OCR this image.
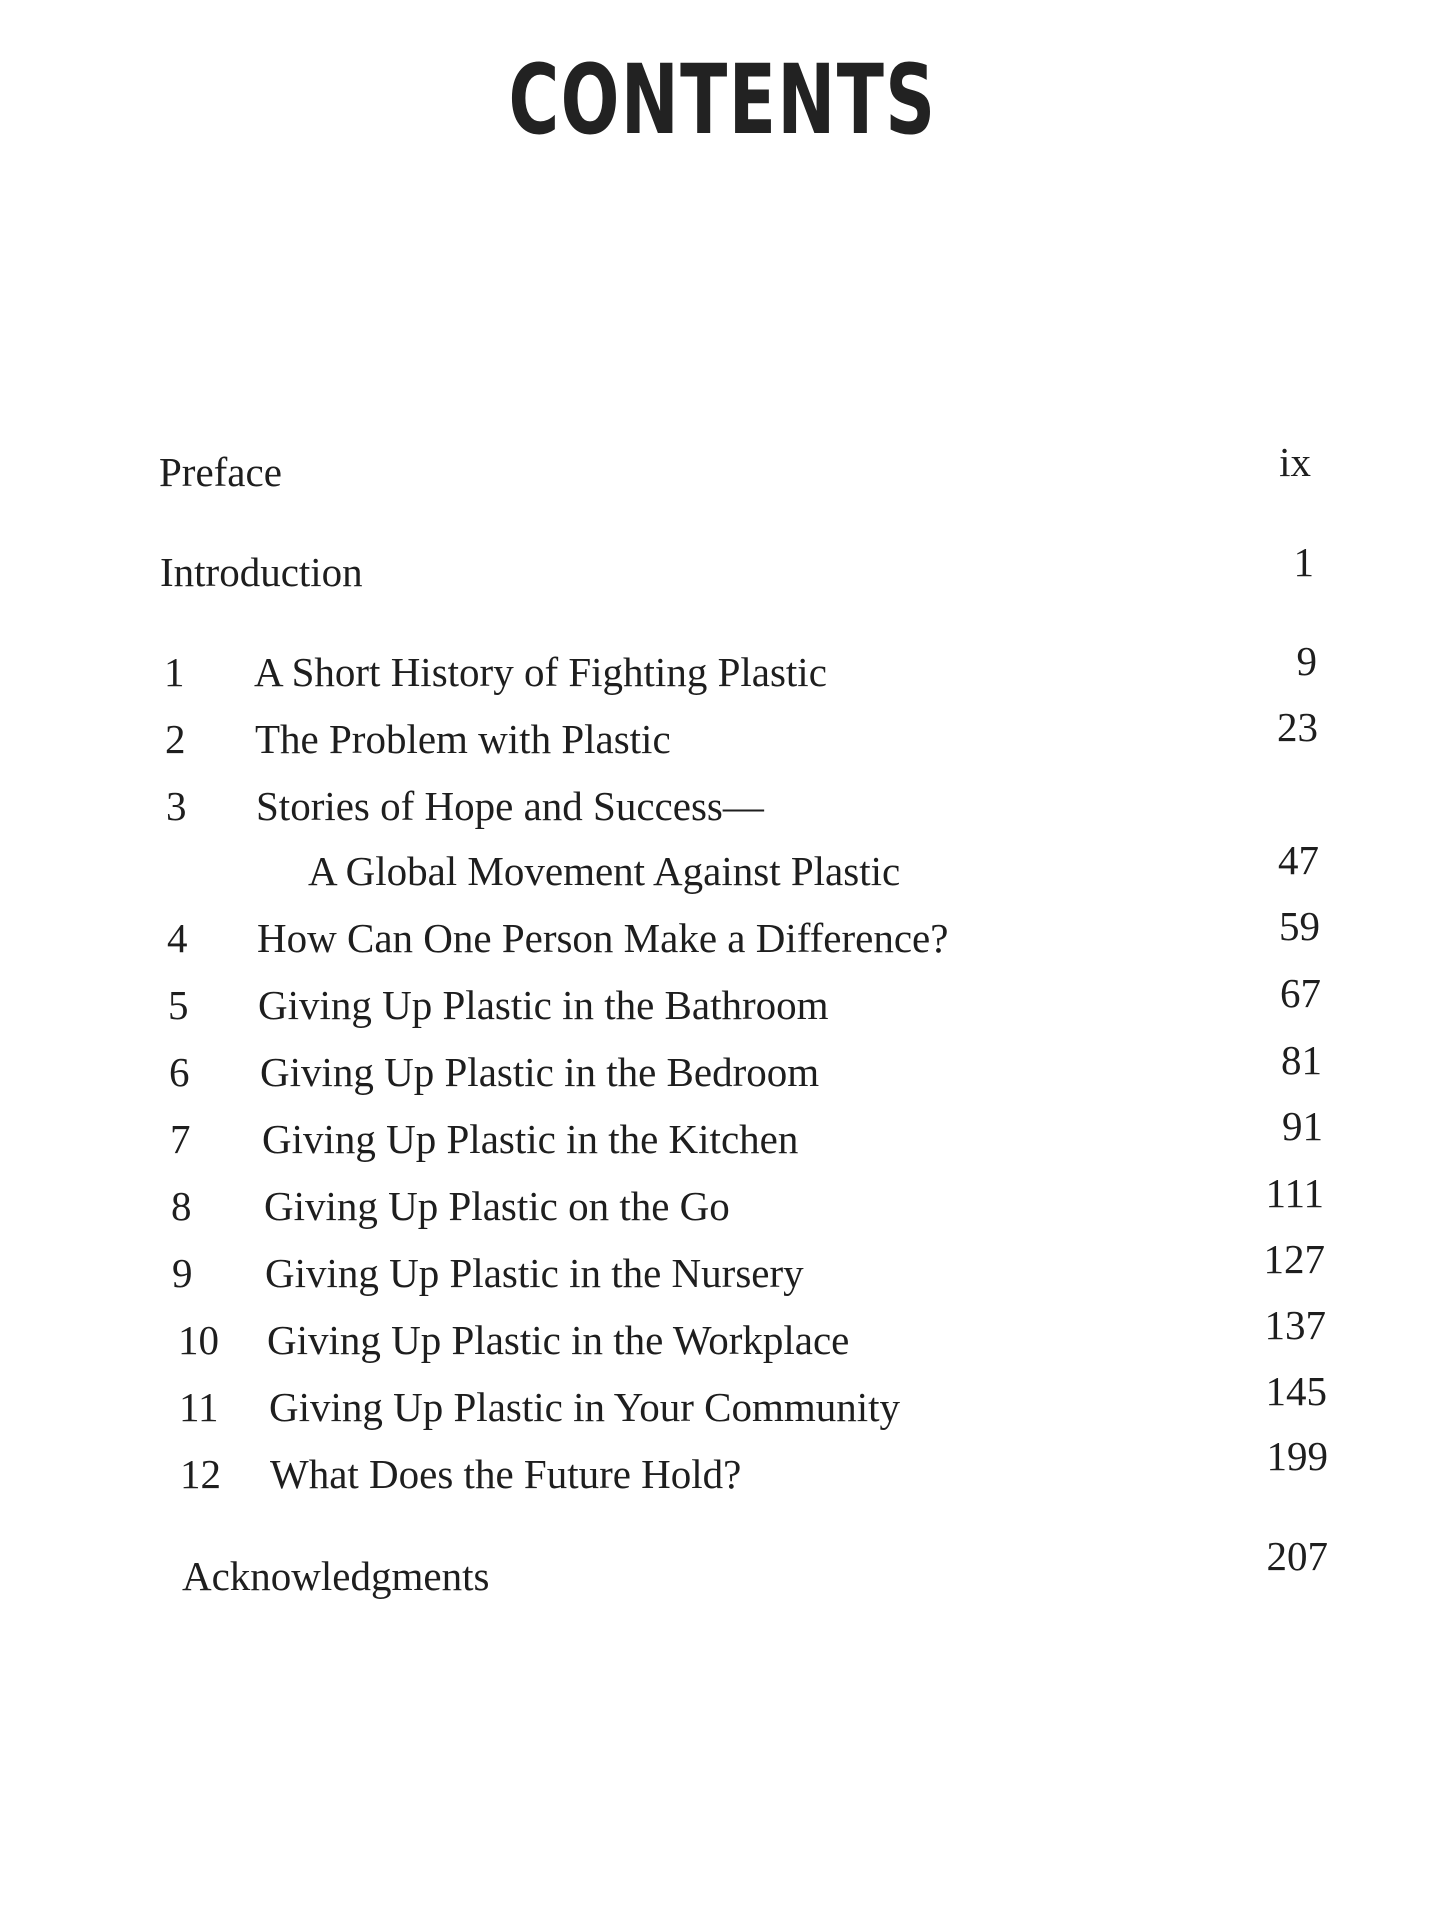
CONTENTS
Preface	ix
Introduction	1
1	A Short History of Fighting Plastic	9
2	The Problem with Plastic	23
3	Stories of Hope and Success—
A Global Movement Against Plastic	47
4	How Can One Person Make a Difference?	59
5	Giving Up Plastic in the Bathroom	67
6	Giving Up Plastic in the Bedroom	81
7	Giving Up Plastic in the Kitchen	91
8	Giving Up Plastic on the Go	111
9	Giving Up Plastic in the Nursery	127
10	Giving Up Plastic in the Workplace	137
11	Giving Up Plastic in Your Community	145
12	What Does the Future Hold?	199
Acknowledgments	207
